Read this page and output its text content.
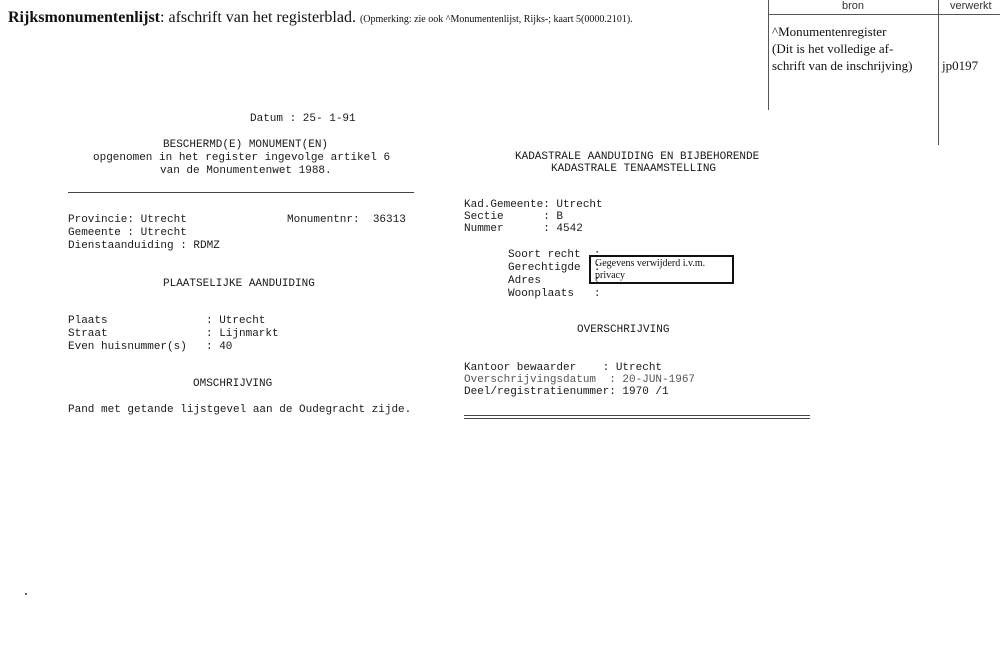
Rijksmonumentenlijst: afschrift van het registerblad. (Opmerking: zie ook ^Monumentenlijst, Rijks-; kaart 5(0000.2101).
bron	verwerkt
^Monumentenregister
(Dit is het volledige af-
schrift van de inschrijving) jp0197
Datum : 25- 1-91
BESCHERMD(E) MONUMENT(EN)
opgenomen in het register ingevolge artikel 6
van de Monumentenwet 1988.
Provincie: Utrecht	Monumentnr:  36313
Gemeente : Utrecht
Dienstaanduiding : RDMZ
PLAATSELIJKE AANDUIDING
Plaats	: Utrecht
Straat	: Lijnmarkt
Even huisnummer(s) : 40
OMSCHRIJVING
Pand met getande lijstgevel aan de Oudegracht zijde.
KADASTRALE AANDUIDING EN BIJBEHORENDE
KADASTRALE TENAAMSTELLING
Kad.Gemeente: Utrecht
Sectie      : B
Nummer      : 4542
Soort recht  :
Gerechtigde  :
Adres        :
Woonplaats   :
Gegevens verwijderd i.v.m. privacy
OVERSCHRIJVING
Kantoor bewaarder    : Utrecht
Overschrijvingsdatum  : 20-JUN-1967
Deel/registratienummer: 1970 /1
